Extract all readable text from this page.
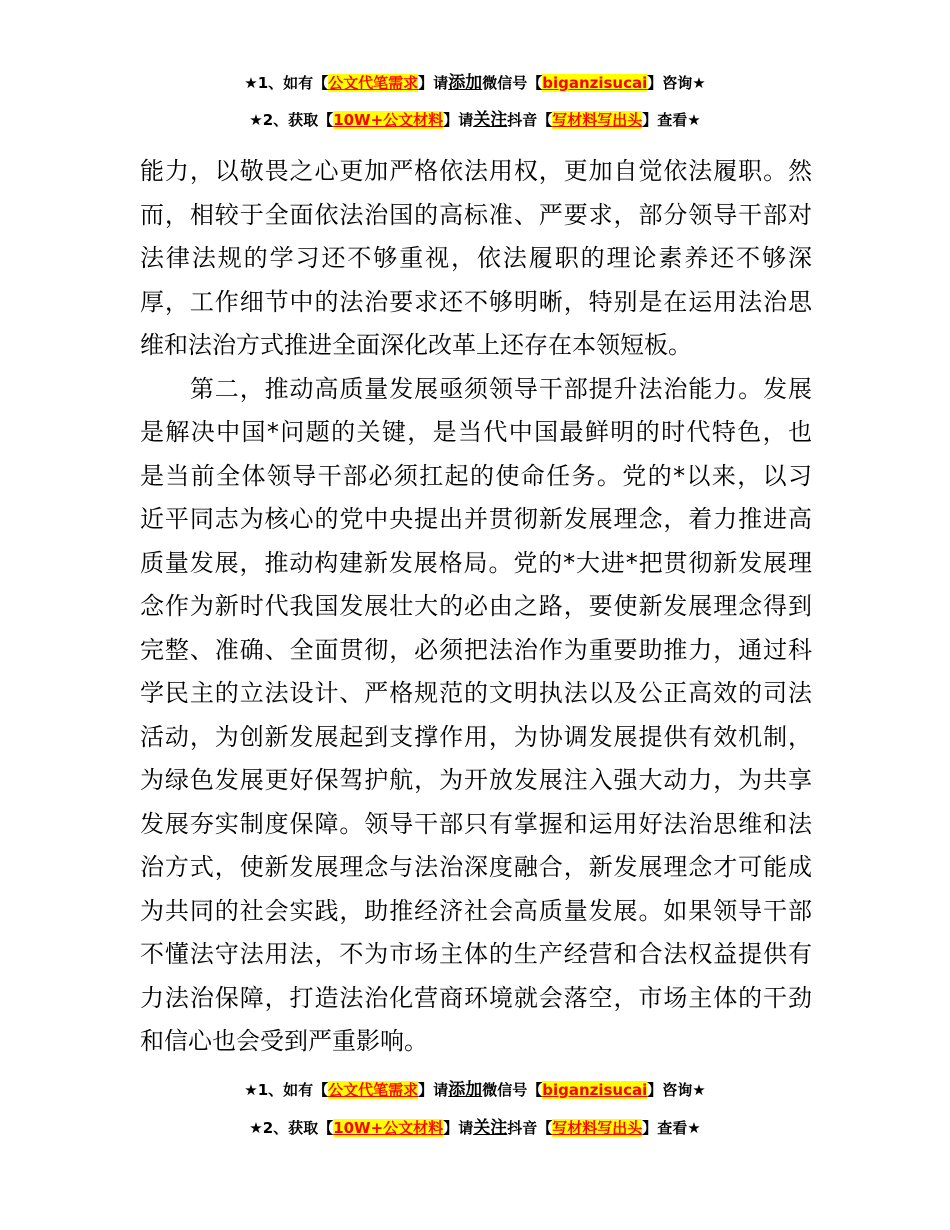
★1、如有【公文代笔需求】请添加微信号【biganzisucai】咨询★
★2、获取【10W+公文材料】请关注抖音【写材料写出头】查看★
能力，以敬畏之心更加严格依法用权，更加自觉依法履职。然
而，相较于全面依法治国的高标准、严要求，部分领导干部对
法律法规的学习还不够重视，依法履职的理论素养还不够深
厚，工作细节中的法治要求还不够明晰，特别是在运用法治思
维和法治方式推进全面深化改革上还存在本领短板。
　　第二，推动高质量发展亟须领导干部提升法治能力。发展
是解决中国*问题的关键，是当代中国最鲜明的时代特色，也
是当前全体领导干部必须扛起的使命任务。党的*以来，以习
近平同志为核心的党中央提出并贯彻新发展理念，着力推进高
质量发展，推动构建新发展格局。党的*大进*把贯彻新发展理
念作为新时代我国发展壮大的必由之路，要使新发展理念得到
完整、准确、全面贯彻，必须把法治作为重要助推力，通过科
学民主的立法设计、严格规范的文明执法以及公正高效的司法
活动，为创新发展起到支撑作用，为协调发展提供有效机制，
为绿色发展更好保驾护航，为开放发展注入强大动力，为共享
发展夯实制度保障。领导干部只有掌握和运用好法治思维和法
治方式，使新发展理念与法治深度融合，新发展理念才可能成
为共同的社会实践，助推经济社会高质量发展。如果领导干部
不懂法守法用法，不为市场主体的生产经营和合法权益提供有
力法治保障，打造法治化营商环境就会落空，市场主体的干劲
和信心也会受到严重影响。
★1、如有【公文代笔需求】请添加微信号【biganzisucai】咨询★
★2、获取【10W+公文材料】请关注抖音【写材料写出头】查看★
